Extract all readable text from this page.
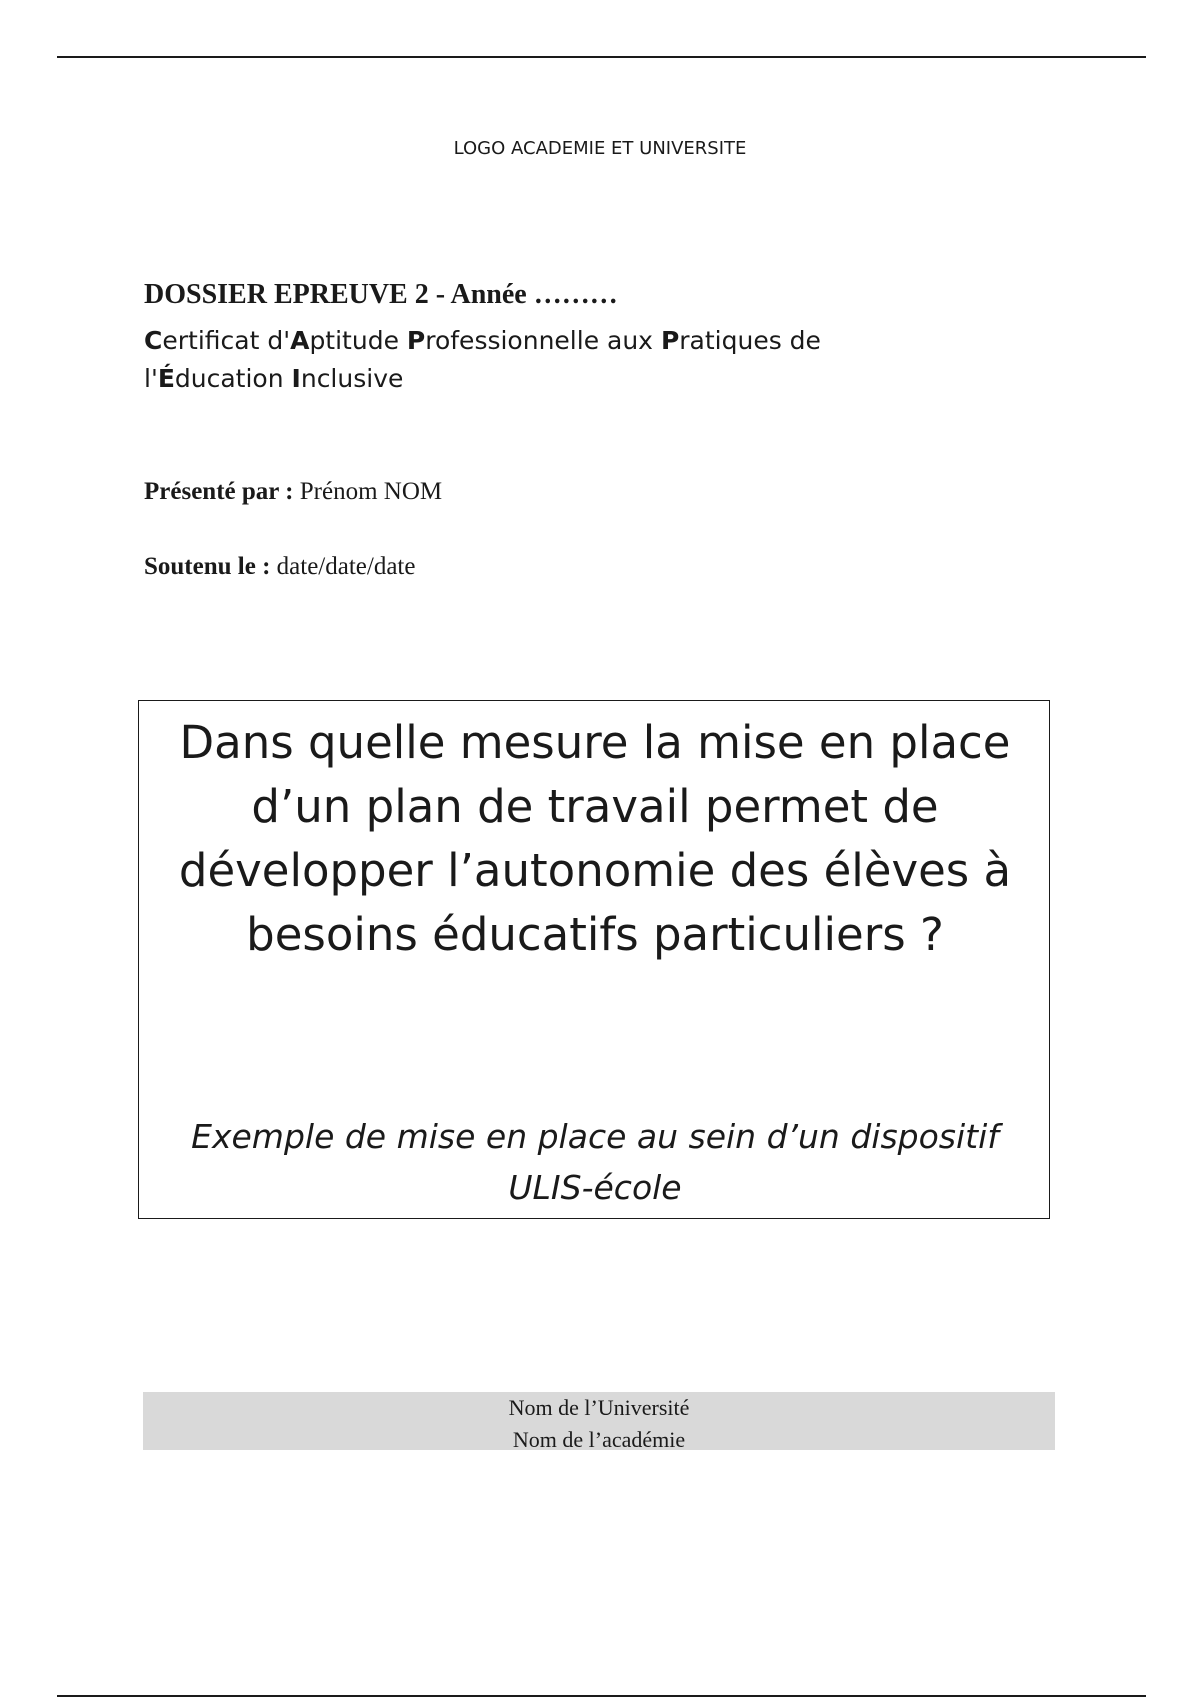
LOGO ACADEMIE ET UNIVERSITE
DOSSIER EPREUVE 2 - Année ………

Certificat d'Aptitude Professionnelle aux Pratiques de l'Éducation Inclusive

Présenté par : Prénom NOM

Soutenu le : date/date/date

Dans quelle mesure la mise en place d’un plan de travail permet de développer l’autonomie des élèves à besoins éducatifs particuliers ?

Exemple de mise en place au sein d’un dispositif ULIS-école

Nom de l’Université
Nom de l’académie
